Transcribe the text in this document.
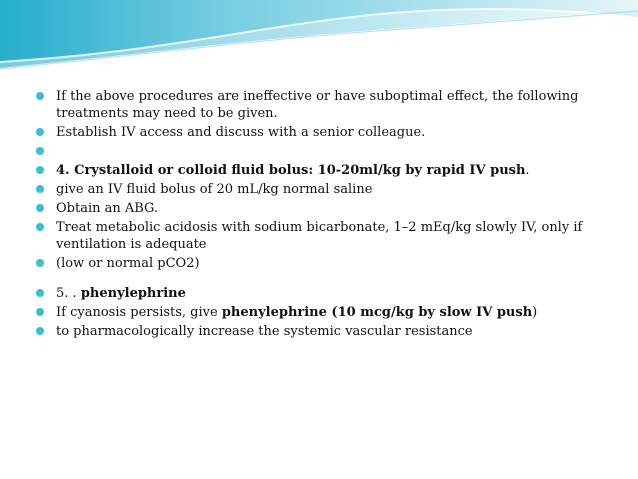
If the above procedures are ineffective or have suboptimal effect, the following treatments may need to be given.
Establish IV access and discuss with a senior colleague.
4. Crystalloid or colloid fluid bolus: 10-20ml/kg by rapid IV push.
give an IV fluid bolus of 20 mL/kg normal saline
Obtain an ABG.
Treat metabolic acidosis with sodium bicarbonate, 1–2 mEq/kg slowly IV, only if ventilation is adequate
(low or normal pCO2)
5. . phenylephrine
If cyanosis persists, give phenylephrine (10 mcg/kg by slow IV push)
to pharmacologically increase the systemic vascular resistance
